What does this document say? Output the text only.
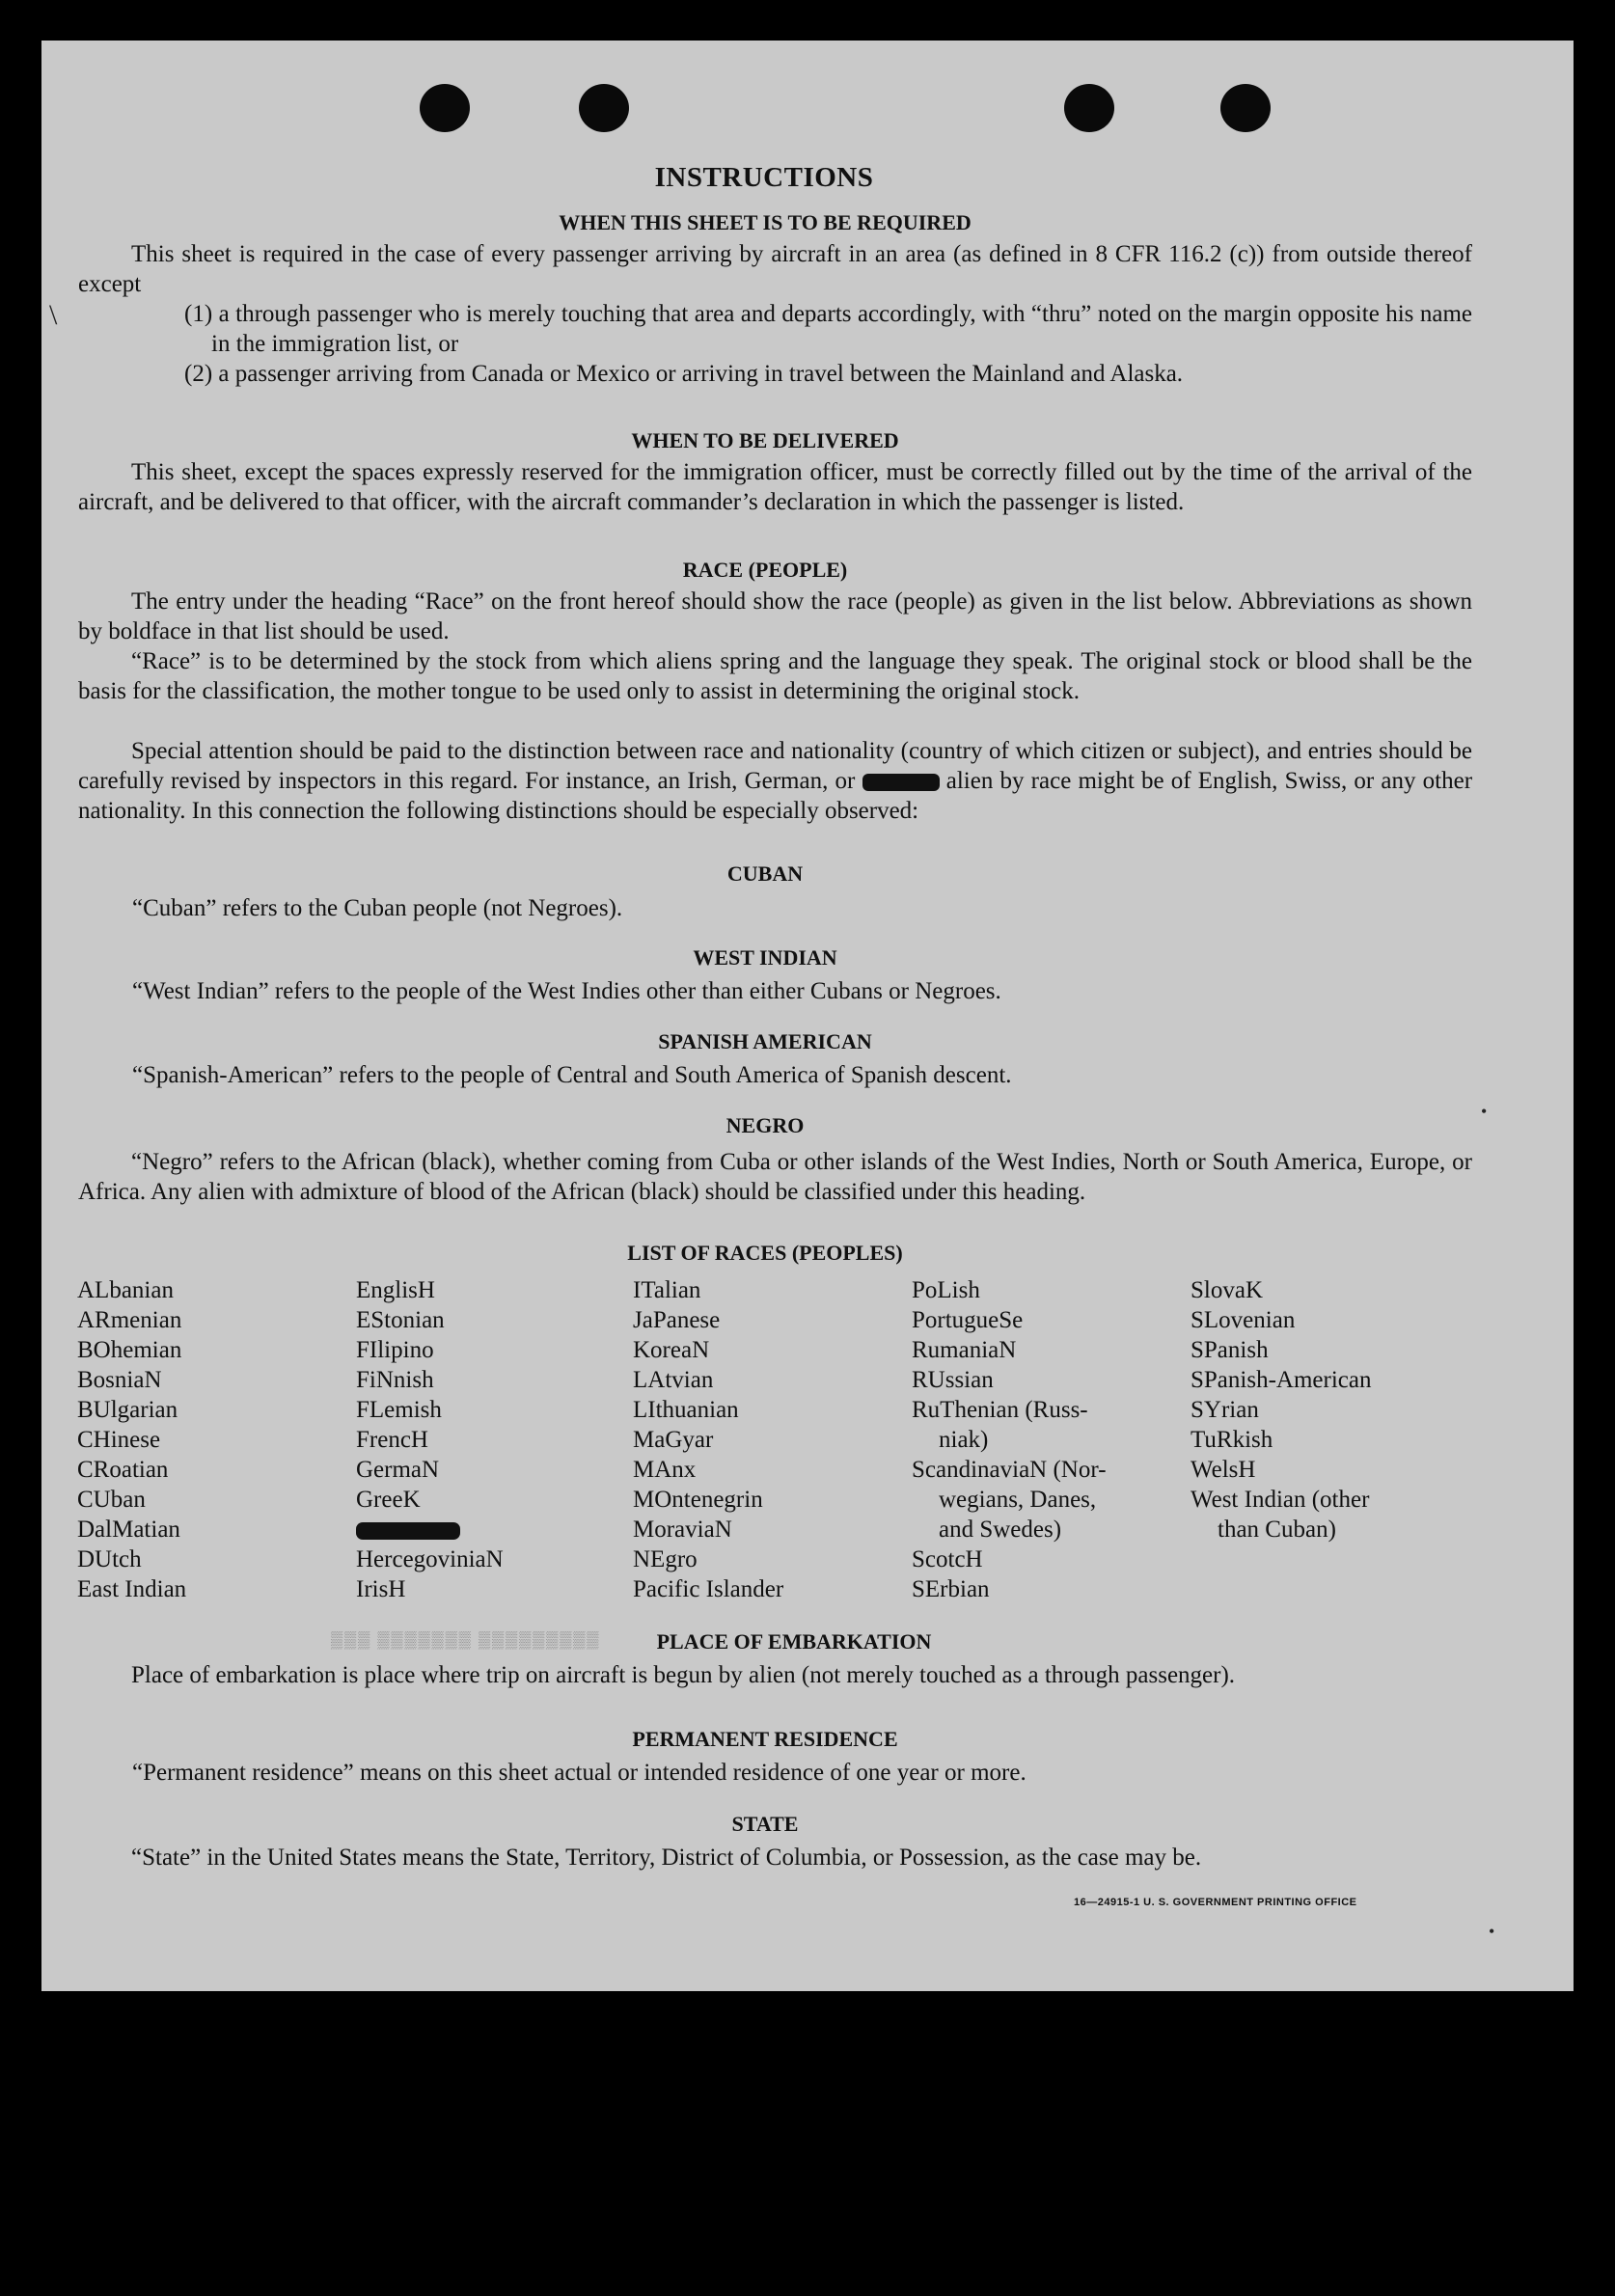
INSTRUCTIONS
WHEN THIS SHEET IS TO BE REQUIRED

This sheet is required in the case of every passenger arriving by aircraft in an area (as defined in 8 CFR 116.2 (c)) from outside thereof except

(1) a through passenger who is merely touching that area and departs accordingly, with “thru” noted on the margin opposite his name in the immigration list, or

(2) a passenger arriving from Canada or Mexico or arriving in travel between the Mainland and Alaska.

WHEN TO BE DELIVERED

This sheet, except the spaces expressly reserved for the immigration officer, must be correctly filled out by the time of the arrival of the aircraft, and be delivered to that officer, with the aircraft commander’s declaration in which the passenger is listed.

RACE (PEOPLE)

The entry under the heading “Race” on the front hereof should show the race (people) as given in the list below. Abbreviations as shown by boldface in that list should be used.

“Race” is to be determined by the stock from which aliens spring and the language they speak. The original stock or blood shall be the basis for the classification, the mother tongue to be used only to assist in determining the original stock.

Special attention should be paid to the distinction between race and nationality (country of which citizen or subject), and entries should be carefully revised by inspectors in this regard. For instance, an Irish, German, or	alien by race might be of English, Swiss, or any other nationality. In this connection the following distinctions should be especially observed:

CUBAN

“Cuban” refers to the Cuban people (not Negroes).

WEST INDIAN

“West Indian” refers to the people of the West Indies other than either Cubans or Negroes.

SPANISH AMERICAN

“Spanish-American” refers to the people of Central and South America of Spanish descent.

NEGRO

“Negro” refers to the African (black), whether coming from Cuba or other islands of the West Indies, North or South America, Europe, or Africa. Any alien with admixture of blood of the African (black) should be classified under this heading.

LIST OF RACES (PEOPLES)
ALbanian
ARmenian
BOhemian
BosniaN
BUlgarian
CHinese
CRoatian
CUban
DalMatian
DUtch
East Indian
EnglisH
EStonian
FIlipino
FiNnish
FLemish
FrencH
GermaN
GreeK
HercegoviniaN
IrisH
ITalian
JaPanese
KoreaN
LAtvian
LIthuanian
MaGyar
MAnx
MOntenegrin
MoraviaN
NEgro
Pacific Islander
PoLish
PortugueSe
RumaniaN
RUssian
RuThenian (Russ-
niak)
ScandinaviaN (Nor-
wegians, Danes,
and Swedes)
ScotcH
SErbian
SlovaK
SLovenian
SPanish
SPanish-American
SYrian
TuRkish
WelsH
West Indian (other
than Cuban)
▒▒▒ ▒▒▒▒▒▒▒ ▒▒▒▒▒▒▒▒▒	PLACE OF EMBARKATION

Place of embarkation is place where trip on aircraft is begun by alien (not merely touched as a through passenger).

PERMANENT RESIDENCE

“Permanent residence” means on this sheet actual or intended residence of one year or more.

STATE

“State” in the United States means the State, Territory, District of Columbia, or Possession, as the case may be.

16—24915-1 U. S. GOVERNMENT PRINTING OFFICE
\
•
•
